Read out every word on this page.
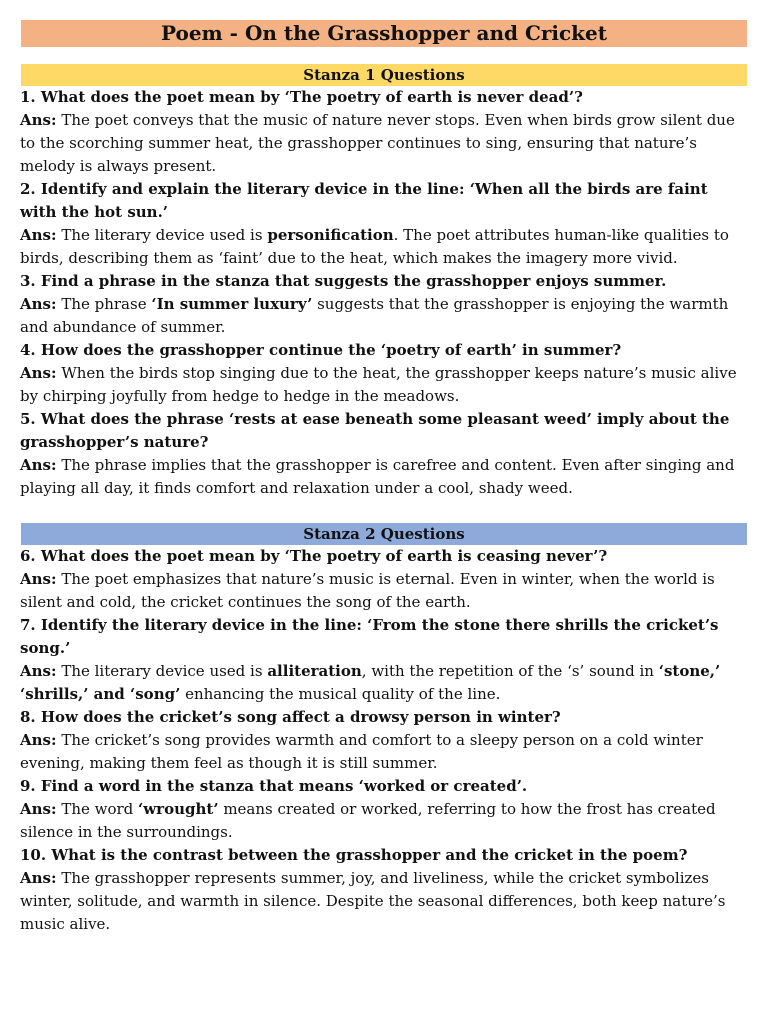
Poem - On the Grasshopper and Cricket
Stanza 1 Questions

1. What does the poet mean by ‘The poetry of earth is never dead’?

Ans: The poet conveys that the music of nature never stops. Even when birds grow silent due to the scorching summer heat, the grasshopper continues to sing, ensuring that nature’s melody is always present.

2. Identify and explain the literary device in the line: ‘When all the birds are faint with the hot sun.’

Ans: The literary device used is personification. The poet attributes human-like qualities to birds, describing them as ‘faint’ due to the heat, which makes the imagery more vivid.

3. Find a phrase in the stanza that suggests the grasshopper enjoys summer.

Ans: The phrase ‘In summer luxury’ suggests that the grasshopper is enjoying the warmth and abundance of summer.

4. How does the grasshopper continue the ‘poetry of earth’ in summer?

Ans: When the birds stop singing due to the heat, the grasshopper keeps nature’s music alive by chirping joyfully from hedge to hedge in the meadows.

5. What does the phrase ‘rests at ease beneath some pleasant weed’ imply about the grasshopper’s nature?

Ans: The phrase implies that the grasshopper is carefree and content. Even after singing and playing all day, it finds comfort and relaxation under a cool, shady weed.

Stanza 2 Questions

6. What does the poet mean by ‘The poetry of earth is ceasing never’?

Ans: The poet emphasizes that nature’s music is eternal. Even in winter, when the world is silent and cold, the cricket continues the song of the earth.

7. Identify the literary device in the line: ‘From the stone there shrills the cricket’s song.’

Ans: The literary device used is alliteration, with the repetition of the ‘s’ sound in ‘stone,’ ‘shrills,’ and ‘song’ enhancing the musical quality of the line.

8. How does the cricket’s song affect a drowsy person in winter?

Ans: The cricket’s song provides warmth and comfort to a sleepy person on a cold winter evening, making them feel as though it is still summer.

9. Find a word in the stanza that means ‘worked or created’.

Ans: The word ‘wrought’ means created or worked, referring to how the frost has created silence in the surroundings.

10. What is the contrast between the grasshopper and the cricket in the poem?

Ans: The grasshopper represents summer, joy, and liveliness, while the cricket symbolizes winter, solitude, and warmth in silence. Despite the seasonal differences, both keep nature’s music alive.
